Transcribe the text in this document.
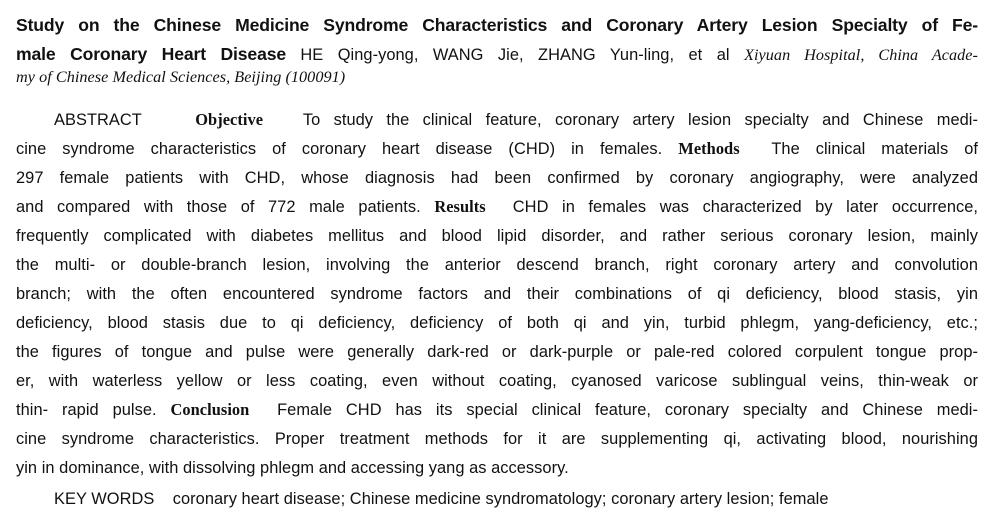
Study on the Chinese Medicine Syndrome Characteristics and Coronary Artery Lesion Specialty of Fe-
male Coronary Heart Disease HE Qing-yong, WANG Jie, ZHANG Yun-ling, et al Xiyuan Hospital, China Acade-
my of Chinese Medical Sciences, Beijing (100091)
ABSTRACT	Objective To study the clinical feature, coronary artery lesion specialty and Chinese medi-
cine syndrome characteristics of coronary heart disease (CHD) in females. Methods The clinical materials of
297 female patients with CHD, whose diagnosis had been confirmed by coronary angiography, were analyzed
and compared with those of 772 male patients. Results CHD in females was characterized by later occurrence,
frequently complicated with diabetes mellitus and blood lipid disorder, and rather serious coronary lesion, mainly
the multi- or double-branch lesion, involving the anterior descend branch, right coronary artery and convolution
branch; with the often encountered syndrome factors and their combinations of qi deficiency, blood stasis, yin
deficiency, blood stasis due to qi deficiency, deficiency of both qi and yin, turbid phlegm, yang-deficiency, etc.;
the figures of tongue and pulse were generally dark-red or dark-purple or pale-red colored corpulent tongue prop-
er, with waterless yellow or less coating, even without coating, cyanosed varicose sublingual veins, thin-weak or
thin- rapid pulse. Conclusion Female CHD has its special clinical feature, coronary specialty and Chinese medi-
cine syndrome characteristics. Proper treatment methods for it are supplementing qi, activating blood, nourishing
yin in dominance, with dissolving phlegm and accessing yang as accessory.
KEY WORDS coronary heart disease; Chinese medicine syndromatology; coronary artery lesion; female
